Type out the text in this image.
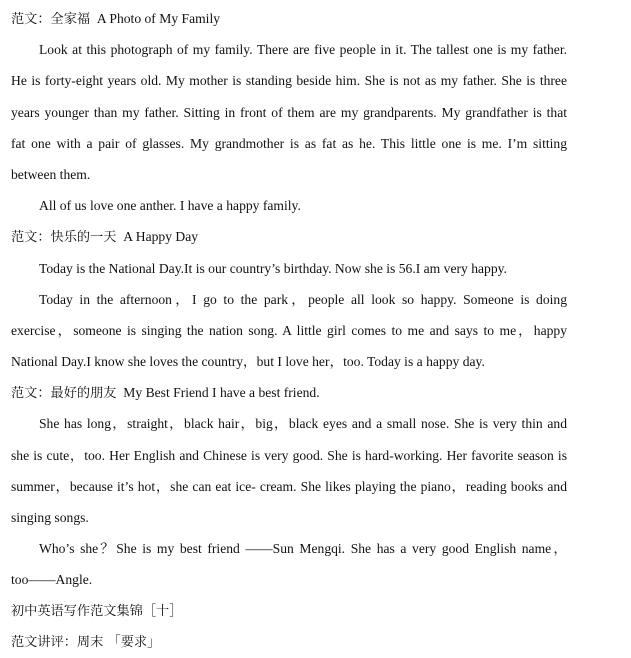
范文：全家福 A Photo of My Family
Look at this photograph of my family. There are five people in it. The tallest one is my father.
He is forty-eight years old. My mother is standing beside him. She is not as my father. She is three
years younger than my father. Sitting in front of them are my grandparents. My grandfather is that
fat one with a pair of glasses. My grandmother is as fat as he. This little one is me. I’m sitting
between them.
All of us love one anther. I have a happy family.
范文：快乐的一天 A Happy Day
Today is the National Day.It is our country’s birthday. Now she is 56.I am very happy.
Today in the afternoon，I go to the park，people all look so happy. Someone is doing
exercise，someone is singing the nation song. A little girl comes to me and says to me，happy
National Day.I know she loves the country，but I love her，too. Today is a happy day.
范文：最好的朋友 My Best Friend I have a best friend.
She has long，straight，black hair，big，black eyes and a small nose. She is very thin and
she is cute，too. Her English and Chinese is very good. She is hard-working. Her favorite season is
summer，because it’s hot，she can eat ice- cream. She likes playing the piano，reading books and
singing songs.
Who’s she？She is my best friend ——Sun Mengqi. She has a very good English name，
too——Angle.
初中英语写作范文集锦［十］
范文讲评：周末 「要求」
